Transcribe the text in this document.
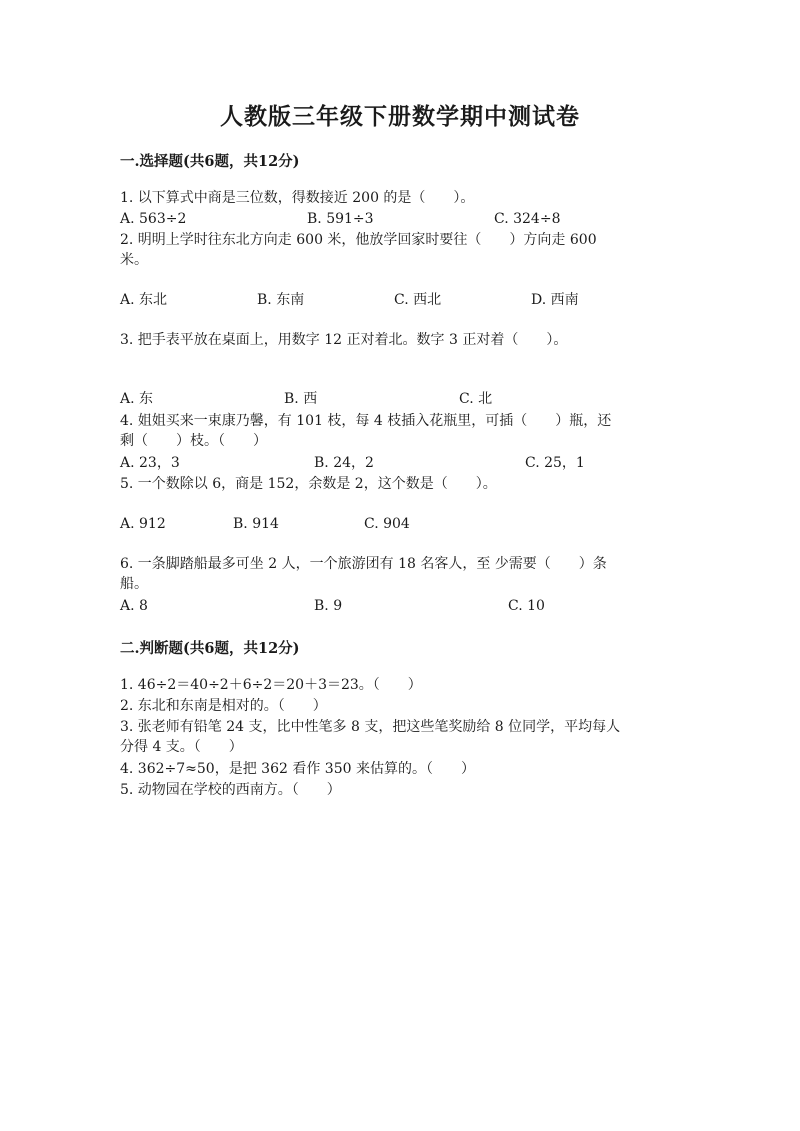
人教版三年级下册数学期中测试卷
一.选择题(共6题，共12分)

1. 以下算式中商是三位数，得数接近 200 的是（　　）。

A. 563÷2	B. 591÷3	C. 324÷8

2. 明明上学时往东北方向走 600 米，他放学回家时要往（　　）方向走 600

米。

A. 东北	B. 东南	C. 西北	D. 西南

3. 把手表平放在桌面上，用数字 12 正对着北。数字 3 正对着（　　）。

A. 东	B. 西	C. 北

4. 姐姐买来一束康乃馨，有 101 枝，每 4 枝插入花瓶里，可插（　　）瓶，还

剩（　　）枝。（　　）

A. 23，3	B. 24，2	C. 25，1

5. 一个数除以 6，商是 152，余数是 2，这个数是（　　）。

A. 912	B. 914	C. 904

6. 一条脚踏船最多可坐 2 人，一个旅游团有 18 名客人，至 少需要（　　）条

船。

A. 8	B. 9	C. 10
二.判断题(共6题，共12分)

1. 46÷2＝40÷2＋6÷2＝20＋3＝23。（　　）

2. 东北和东南是相对的。（　　）

3. 张老师有铅笔 24 支，比中性笔多 8 支，把这些笔奖励给 8 位同学，平均每人

分得 4 支。（　　）

4. 362÷7≈50，是把 362 看作 350 来估算的。（　　）

5. 动物园在学校的西南方。（　　）
